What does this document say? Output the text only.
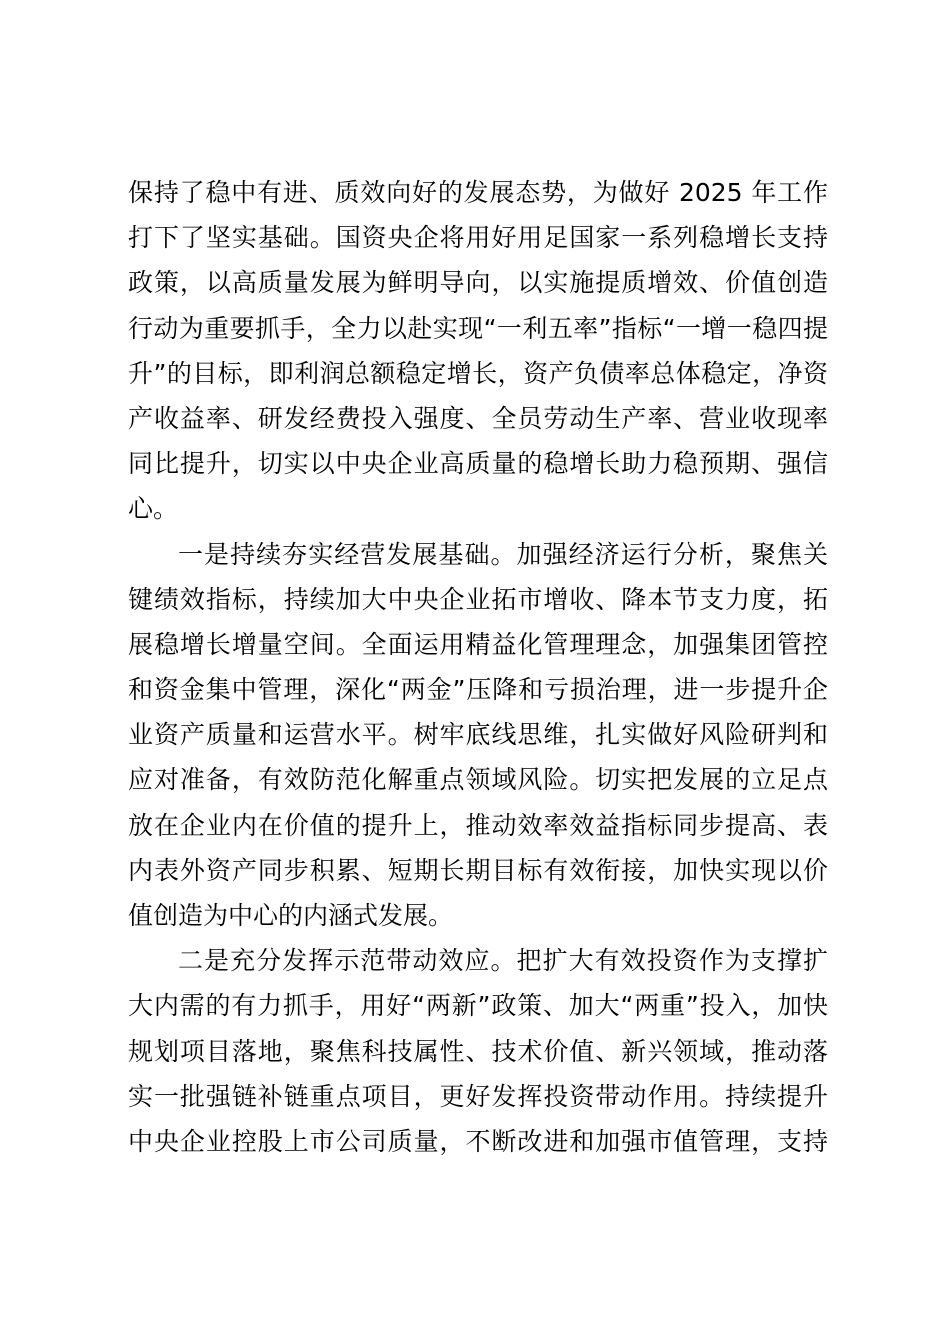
保持了稳中有进、质效向好的发展态势，为做好 2025 年工作
打下了坚实基础。国资央企将用好用足国家一系列稳增长支持
政策，以高质量发展为鲜明导向，以实施提质增效、价值创造
行动为重要抓手，全力以赴实现“一利五率”指标“一增一稳四提
升”的目标，即利润总额稳定增长，资产负债率总体稳定，净资
产收益率、研发经费投入强度、全员劳动生产率、营业收现率
同比提升，切实以中央企业高质量的稳增长助力稳预期、强信
心。
一是持续夯实经营发展基础。加强经济运行分析，聚焦关
键绩效指标，持续加大中央企业拓市增收、降本节支力度，拓
展稳增长增量空间。全面运用精益化管理理念，加强集团管控
和资金集中管理，深化“两金”压降和亏损治理，进一步提升企
业资产质量和运营水平。树牢底线思维，扎实做好风险研判和
应对准备，有效防范化解重点领域风险。切实把发展的立足点
放在企业内在价值的提升上，推动效率效益指标同步提高、表
内表外资产同步积累、短期长期目标有效衔接，加快实现以价
值创造为中心的内涵式发展。
二是充分发挥示范带动效应。把扩大有效投资作为支撑扩
大内需的有力抓手，用好“两新”政策、加大“两重”投入，加快
规划项目落地，聚焦科技属性、技术价值、新兴领域，推动落
实一批强链补链重点项目，更好发挥投资带动作用。持续提升
中央企业控股上市公司质量，不断改进和加强市值管理，支持
